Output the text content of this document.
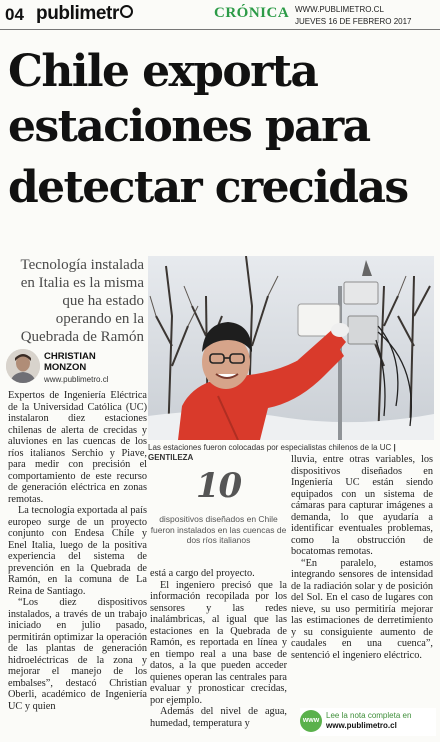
04 publimetr	CRÓNICA WWW.PUBLIMETRO.CL
JUEVES 16 DE FEBRERO 2017
Chile exporta
estaciones para
detectar crecidas
Tecnología instalada en Italia es la misma que ha estado operando en la Quebrada de Ramón
CHRISTIAN
MONZON
www.publimetro.cl
Las estaciones fueron colocadas por especialistas chilenos de la UC | GENTILEZA

Expertos de Ingeniería Eléctrica de la Universidad Católica (UC) instalaron diez estaciones chilenas de alerta de crecidas y aluviones en las cuencas de los ríos italianos Serchio y Piave, para medir con precisión el comportamiento de este recurso de generación eléctrica en zonas remotas.

La tecnología exportada al país europeo surge de un proyecto conjunto con Endesa Chile y Enel Italia, luego de la positiva experiencia del sistema de prevención en la Quebrada de Ramón, en la comuna de La Reina de Santiago.

“Los diez dispositivos instalados, a través de un trabajo iniciado en julio pasado, permitirán optimizar la operación de las plantas de generación hidroeléctricas de la zona y mejorar el manejo de los embalses”, destacó Christian Oberli, académico de Ingeniería UC y quien

10
dispositivos diseñados en Chile fueron instalados en las cuencas de dos ríos italianos

está a cargo del proyecto.

El ingeniero precisó que la información recopilada por los sensores y las redes inalámbricas, al igual que las estaciones en la Quebrada de Ramón, es reportada en línea y en tiempo real a una base de datos, a la que pueden acceder quienes operan las centrales para evaluar y pronosticar crecidas, por ejemplo.

Además del nivel de agua, humedad, temperatura y

lluvia, entre otras variables, los dispositivos diseñados en Ingeniería UC están siendo equipados con un sistema de cámaras para capturar imágenes a demanda, lo que ayudaría a identificar eventuales problemas, como la obstrucción de bocatomas remotas.

“En paralelo, estamos integrando sensores de intensidad de la radiación solar y de posición del Sol. En el caso de lugares con nieve, su uso permitiría mejorar las estimaciones de derretimiento y su consiguiente aumento de caudales en una cuenca”, sentenció el ingeniero eléctrico.

www
Lee la nota completa en
www.publimetro.cl
